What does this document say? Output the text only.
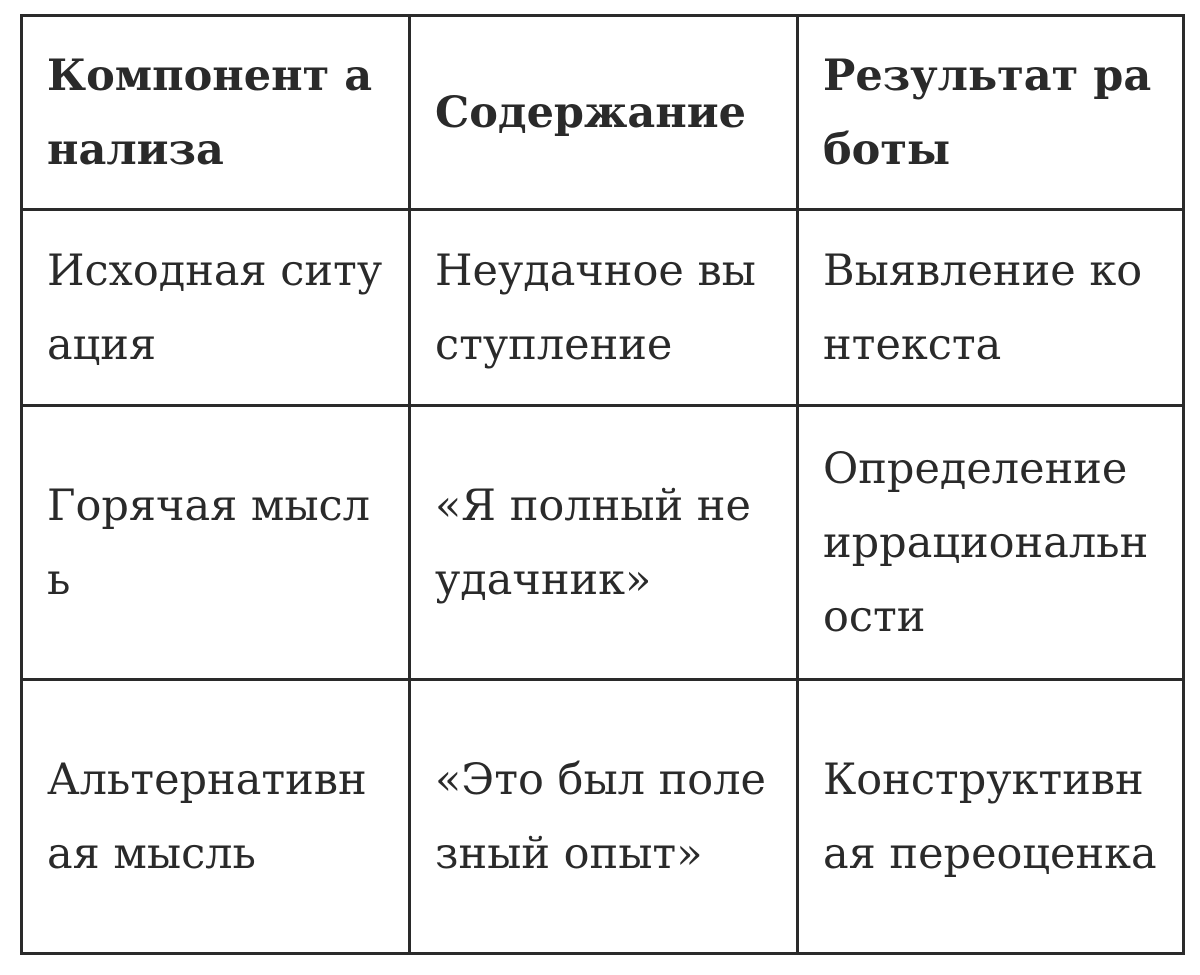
Компонент анализа	Содержание	Результат работы

Исходная ситуация	Неудачное выступление	Выявление контекста

Горячая мысль	«Я полный неудачник»	Определение иррациональности

Альтернативная мысль	«Это был полезный опыт»	Конструктивная переоценка
